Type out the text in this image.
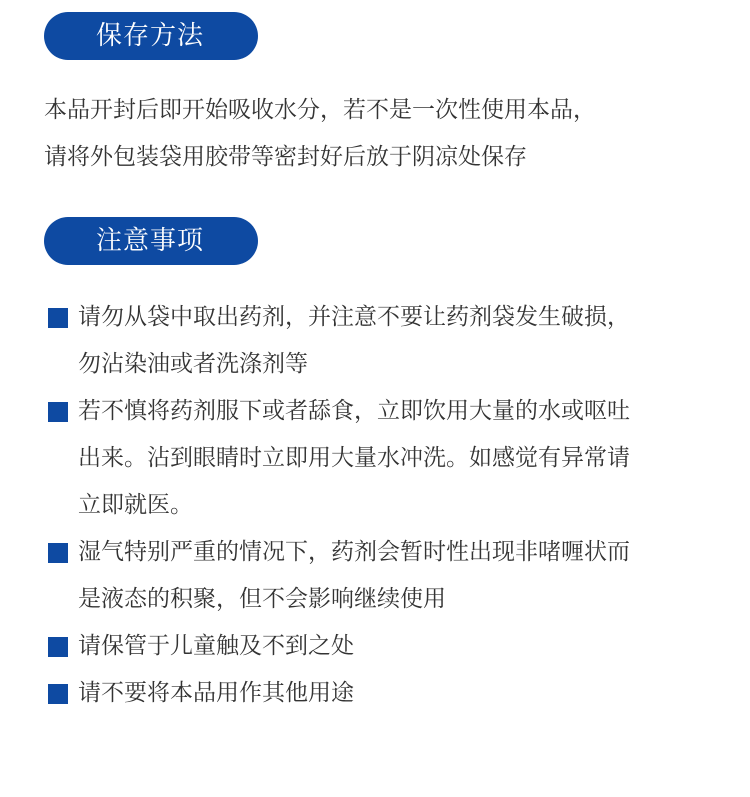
保存方法
本品开封后即开始吸收水分，若不是一次性使用本品，
请将外包装袋用胶带等密封好后放于阴凉处保存
注意事项
请勿从袋中取出药剂，并注意不要让药剂袋发生破损，
勿沾染油或者洗涤剂等
若不慎将药剂服下或者舔食，立即饮用大量的水或呕吐
出来。沾到眼睛时立即用大量水冲洗。如感觉有异常请
立即就医。
湿气特别严重的情况下，药剂会暂时性出现非啫喱状而
是液态的积聚，但不会影响继续使用
请保管于儿童触及不到之处
请不要将本品用作其他用途
